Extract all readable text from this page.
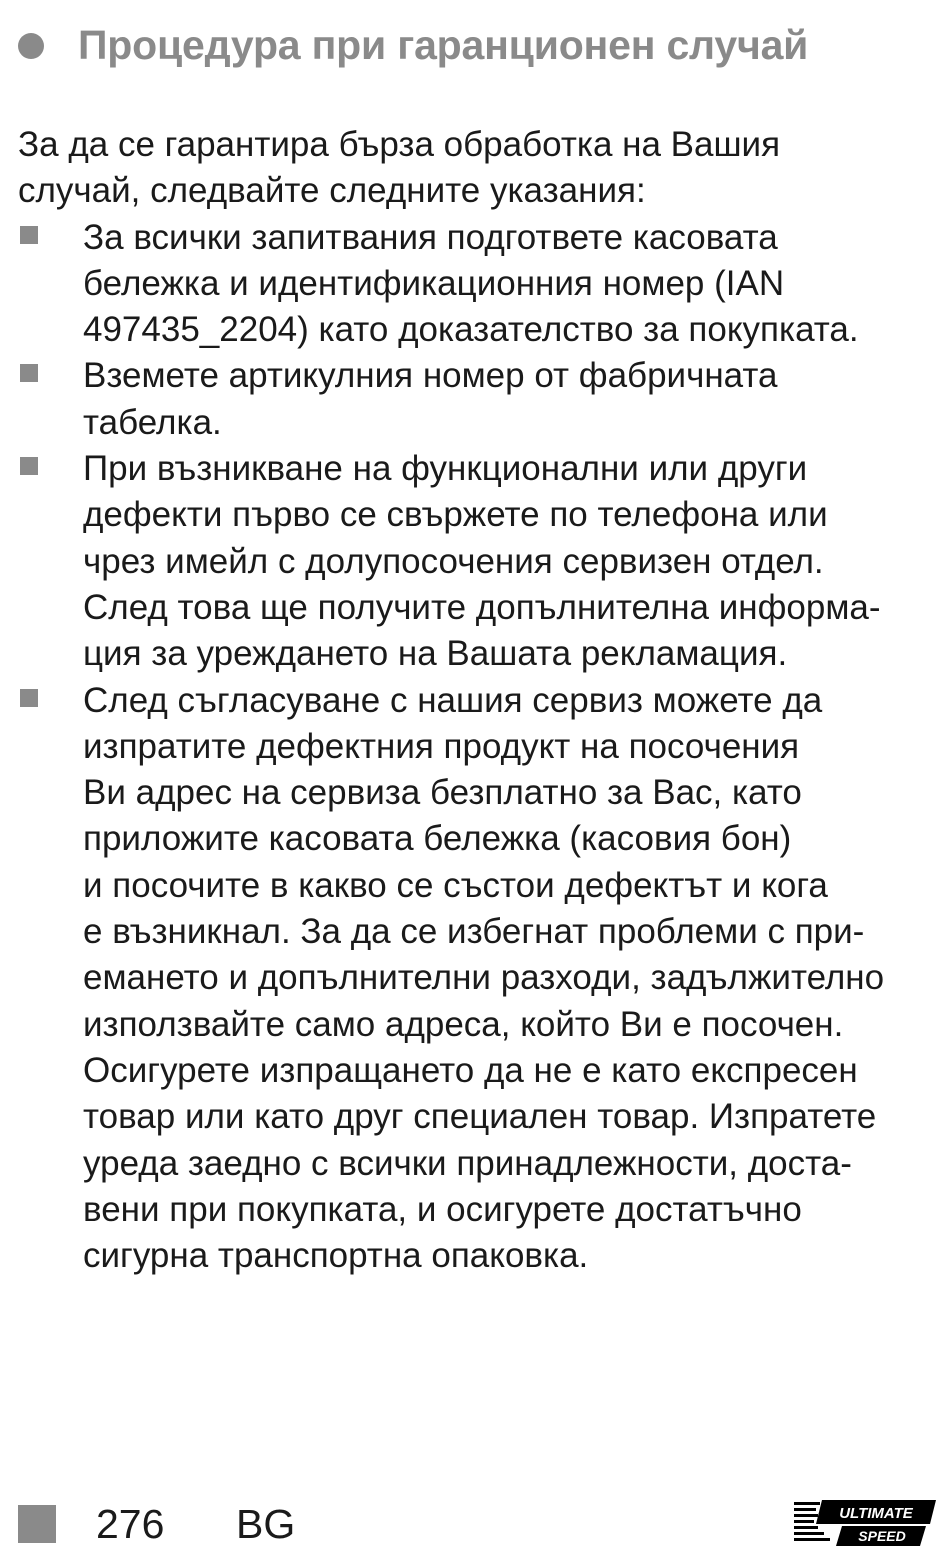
Процедура при гаранционен случай

За да се гарантира бърза обработка на Вашия
случай, следвайте следните указания:

За всички запитвания подгответе касовата
бележка и идентификационния номер (IAN
497435_2204) като доказателство за покупката.
Вземете артикулния номер от фабричната
табелка.
При възникване на функционални или други
дефекти първо се свържете по телефона или
чрез имейл с долупосочения сервизен отдел.
След това ще получите допълнителна информа-
ция за уреждането на Вашата рекламация.
След съгласуване с нашия сервиз можете да
изпратите дефектния продукт на посочения
Ви адрес на сервиза безплатно за Вас, като
приложите касовата бележка (касовия бон)
и посочите в какво се състои дефектът и кога
е възникнал. За да се избегнат проблеми с при-
емането и допълнителни разходи, задължително
използвайте само адреса, който Ви е посочен.
Осигурете изпращането да не е като експресен
товар или като друг специален товар. Изпратете
уреда заедно с всички принадлежности, доста-
вени при покупката, и осигурете достатъчно
сигурна транспортна опаковка.
276 BG	ULTIMATE
SPEED
